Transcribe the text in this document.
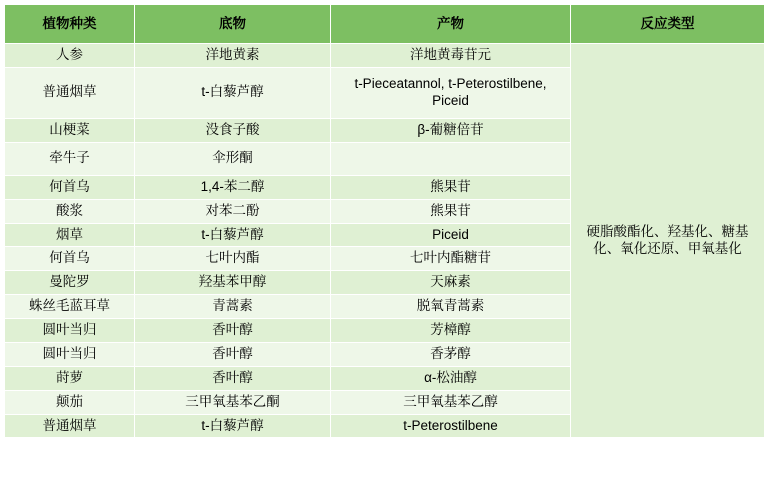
植物种类	底物	产物	反应类型
人参	洋地黄素	洋地黄毒苷元	硬脂酸酯化、羟基化、糖基化、氧化还原、甲氧基化
普通烟草	t-白藜芦醇	t-Pieceatannol, t-Peterostilbene, Piceid	
山梗菜	没食子酸	β-葡糖倍苷	
牵牛子	伞形酮		
何首乌	1,4-苯二醇	熊果苷	
酸浆	对苯二酚	熊果苷	
烟草	t-白藜芦醇	Piceid	
何首乌	七叶内酯	七叶内酯糖苷	
曼陀罗	羟基苯甲醇	天麻素	
蛛丝毛蓝耳草	青蒿素	脱氧青蒿素	
圆叶当归	香叶醇	芳樟醇	
圆叶当归	香叶醇	香茅醇	
莳萝	香叶醇	α-松油醇	
颠茄	三甲氧基苯乙酮	三甲氧基苯乙醇	
普通烟草	t-白藜芦醇	t-Peterostilbene	
